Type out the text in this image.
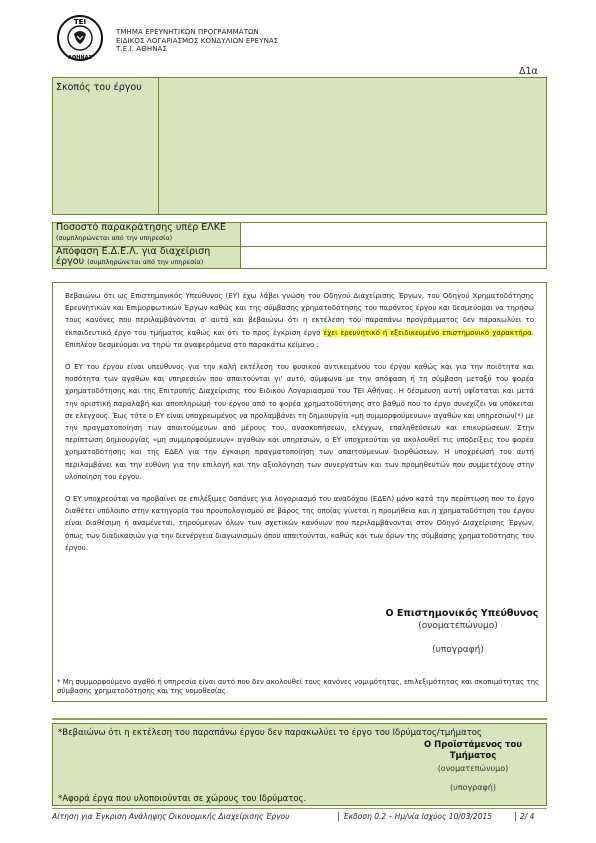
ΤΕΙ
ΑΘΗΝΑΣ
ΤΜΗΜΑ ΕΡΕΥΝΗΤΙΚΩΝ ΠΡΟΓΡΑΜΜΑΤΩΝ
ΕΙΔΙΚΟΣ ΛΟΓΑΡΙΑΣΜΟΣ ΚΟΝΔΥΛΙΩΝ ΕΡΕΥΝΑΣ
Τ.Ε.Ι. ΑΘΗΝΑΣ
Δ1α
Σκοπός του έργου
Ποσοστό παρακράτησης υπέρ ΕΛΚΕ
(συμπληρώνεται από την υπηρεσία)
Απόφαση Ε.Δ.Ε.Λ. για διαχείριση έργου (συμπληρώνεται από την υπηρεσία)

Βεβαιώνω ότι ως Επιστημονικός Υπεύθυνος (ΕΥ) έχω λάβει γνώση του Οδηγού Διαχείρισης Έργων, του Οδηγού Χρηματοδότησης Ερευνητικών και Επιμορφωτικών Έργων καθώς και της σύμβασης χρηματοδότησης του παρόντος έργου και δεσμεύομαι να τηρήσω τους κανόνες που περιλαμβάνονται σ' αυτά και βεβαιώνω ότι η εκτέλεση του παραπάνω προγράμματος δεν παρακωλύει το εκπαιδευτικό έργο του τμήματος καθώς και ότι το προς έγκριση έργο έχει ερευνητικό ή εξειδικευμένο επιστημονικό χαρακτήρα. Επιπλέον δεσμεύομαι να τηρώ τα αναφερόμενα στο παρακάτω κείμενο :

Ο ΕΥ του έργου είναι υπεύθυνος για την καλή εκτέλεση του φυσικού αντικειμένου του έργου καθώς και για την ποιότητα και ποσότητα των αγαθών και υπηρεσιών που απαιτούνται γι' αυτό, σύμφωνα με την απόφαση ή τη σύμβαση μεταξύ του φορέα χρηματοδότησης και της Επιτροπής Διαχείρισης του Ειδικού Λογαριασμού του ΤΕΙ Αθήνας. Η δέσμευση αυτή υφίσταται και μετά την οριστική παραλαβή και αποπληρωμή του έργου από το φορέα χρηματοδότησης στο βαθμό που το έργο συνεχίζει να υπόκειται σε ελέγχους. Έως τότε ο ΕΥ είναι υποχρεωμένος να προλαμβάνει τη δημιουργία «μη συμμορφούμενων» αγαθών και υπηρεσιών(*) με την πραγματοποίηση των απαιτούμενων από μέρους του, ανασκοπήσεων, ελέγχων, επαληθεύσεων και επικυρώσεων. Στην περίπτωση δημιουργίας «μη συμμορφούμενων» αγαθών και υπηρεσιών, ο ΕΥ υποχρεούται να ακολουθεί τις υποδείξεις του φορέα χρηματοδότησης και της ΕΔΕΛ για την έγκαιρη πραγματοποίηση των απαιτούμενων διορθώσεων. Η υποχρέωσή του αυτή περιλαμβάνει και την ευθύνη για την επιλογή και την αξιολόγηση των συνεργατών και των προμηθευτών που συμμετέχουν στην υλοποίηση του έργου.

Ο ΕΥ υποχρεούται να προβαίνει σε επιλέξιμες δαπάνες για λογαριασμό του αναδόχου (ΕΔΕΛ) μόνο κατά την περίπτωση που το έργο διαθέτει υπόλοιπο στην κατηγορία του προυπολογισμού σε βάρος της οποίας γίνεται η προμήθεια και η χρηματοδότηση του έργου είναι διαθέσιμη ή αναμένεται, τηρούμενων όλων των σχετικών κανόνων που περιλαμβάνονται στον Οδηγό Διαχείρισης Έργων, όπως των διαδικασιών για την διενέργεια διαγωνισμών όπου απαιτούνται, καθώς και των όρων της σύμβασης χρηματοδότησης του έργου.

Ο Επιστημονικός Υπεύθυνος
(ονοματεπώνυμο)
(υπογραφή)
* Μη συμμορφούμενο αγαθό ή υπηρεσία είναι αυτό που δεν ακολουθεί τους κανόνες νομιμότητας, επιλεξιμότητας και σκοπιμότητας της σύμβασης χρηματοδότησης και της νομοθεσίας.
*Βεβαιώνω ότι η εκτέλεση του παραπάνω έργου δεν παρακωλύει το έργο του Ιδρύματος/τμήματος
Ο Προϊστάμενος του Τμήματος
(ονοματεπώνυμο)
(υπογραφή)
*Αφορά έργα που υλοποιούνται σε χώρους του Ιδρύματος.
Αίτηση για Έγκριση Ανάληψης Οικονομικής Διαχείρισης Έργου	Έκδοση 0.2 – Ημ/νία Ισχύος 10/03/2015	2/ 4
